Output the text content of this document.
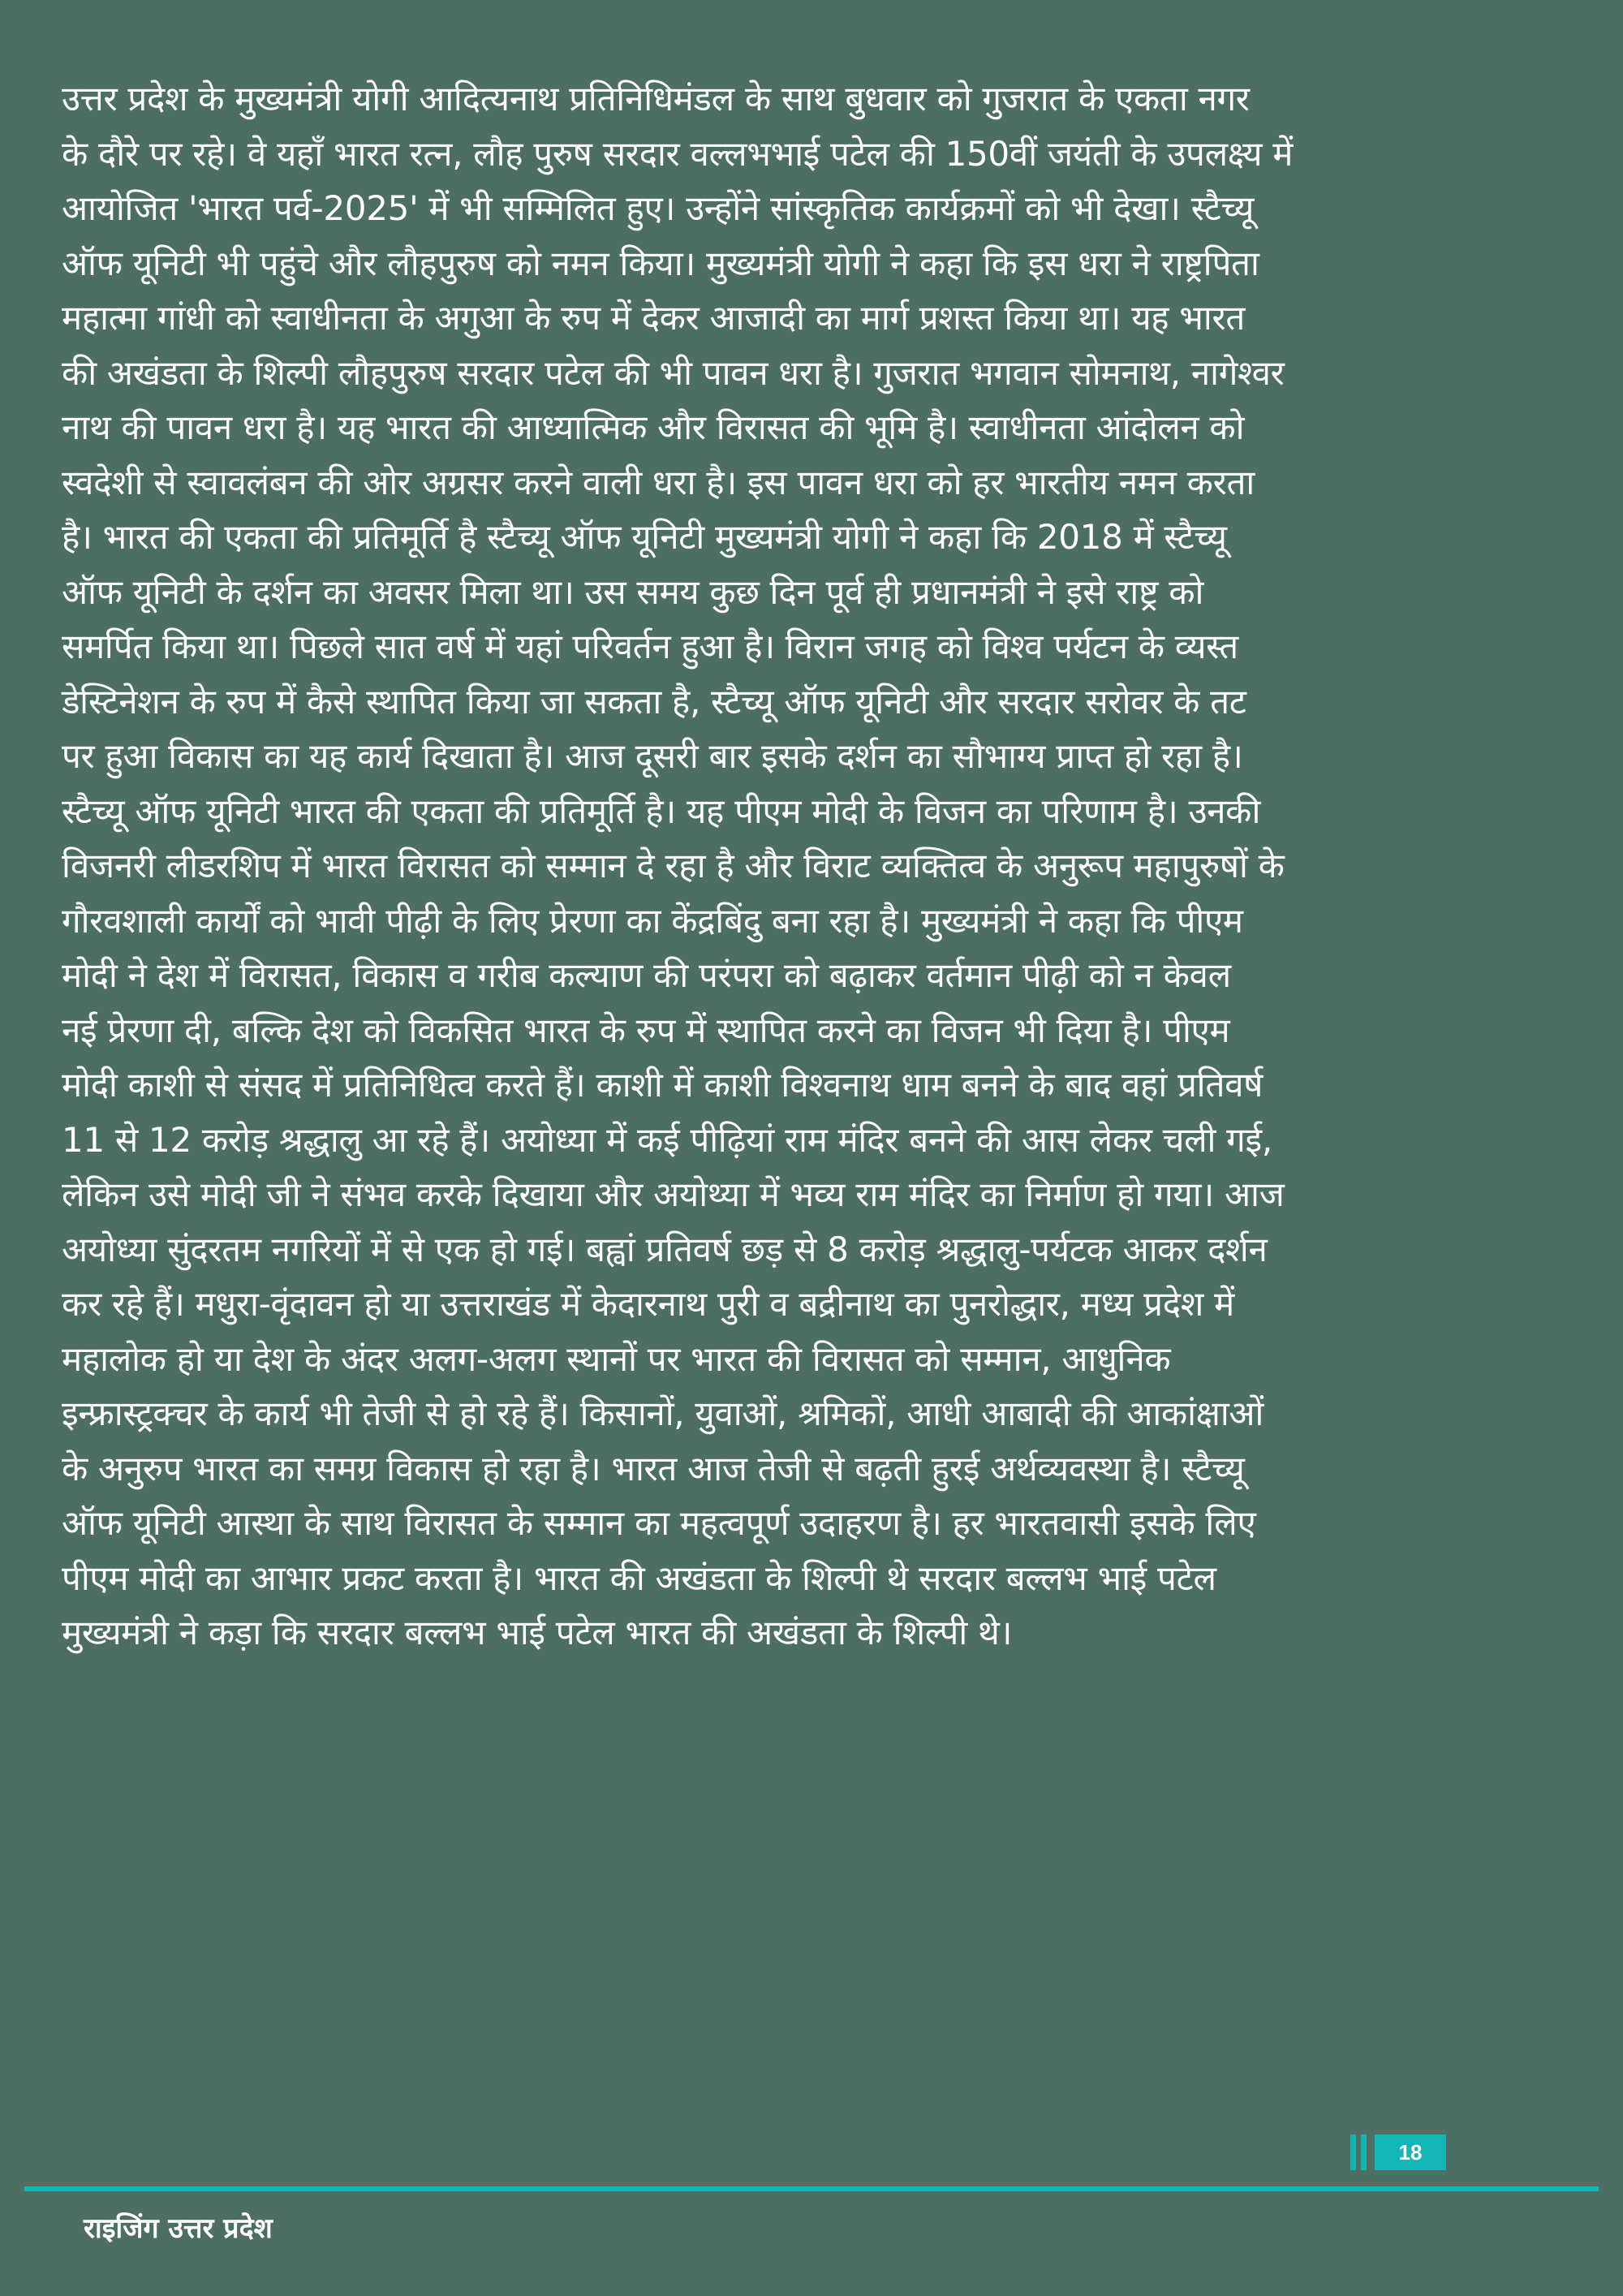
उत्तर प्रदेश के मुख्यमंत्री योगी आदित्यनाथ प्रतिनिधिमंडल के साथ बुधवार को गुजरात के एकता नगर
के दौरे पर रहे। वे यहाँ भारत रत्न, लौह पुरुष सरदार वल्लभभाई पटेल की 150वीं जयंती के उपलक्ष्य में
आयोजित 'भारत पर्व-2025' में भी सम्मिलित हुए। उन्होंने सांस्कृतिक कार्यक्रमों को भी देखा। स्टैच्यू
ऑफ यूनिटी भी पहुंचे और लौहपुरुष को नमन किया। मुख्यमंत्री योगी ने कहा कि इस धरा ने राष्ट्रपिता
महात्मा गांधी को स्वाधीनता के अगुआ के रुप में देकर आजादी का मार्ग प्रशस्त किया था। यह भारत
की अखंडता के शिल्पी लौहपुरुष सरदार पटेल की भी पावन धरा है। गुजरात भगवान सोमनाथ, नागेश्वर
नाथ की पावन धरा है। यह भारत की आध्यात्मिक और विरासत की भूमि है। स्वाधीनता आंदोलन को
स्वदेशी से स्वावलंबन की ओर अग्रसर करने वाली धरा है। इस पावन धरा को हर भारतीय नमन करता
है। भारत की एकता की प्रतिमूर्ति है स्टैच्यू ऑफ यूनिटी मुख्यमंत्री योगी ने कहा कि 2018 में स्टैच्यू
ऑफ यूनिटी के दर्शन का अवसर मिला था। उस समय कुछ दिन पूर्व ही प्रधानमंत्री ने इसे राष्ट्र को
समर्पित किया था। पिछले सात वर्ष में यहां परिवर्तन हुआ है। विरान जगह को विश्व पर्यटन के व्यस्त
डेस्टिनेशन के रुप में कैसे स्थापित किया जा सकता है, स्टैच्यू ऑफ यूनिटी और सरदार सरोवर के तट
पर हुआ विकास का यह कार्य दिखाता है। आज दूसरी बार इसके दर्शन का सौभाग्य प्राप्त हो रहा है।
स्टैच्यू ऑफ यूनिटी भारत की एकता की प्रतिमूर्ति है। यह पीएम मोदी के विजन का परिणाम है। उनकी
विजनरी लीडरशिप में भारत विरासत को सम्मान दे रहा है और विराट व्यक्तित्व के अनुरूप महापुरुषों के
गौरवशाली कार्यों को भावी पीढ़ी के लिए प्रेरणा का केंद्रबिंदु बना रहा है। मुख्यमंत्री ने कहा कि पीएम
मोदी ने देश में विरासत, विकास व गरीब कल्याण की परंपरा को बढ़ाकर वर्तमान पीढ़ी को न केवल
नई प्रेरणा दी, बल्कि देश को विकसित भारत के रुप में स्थापित करने का विजन भी दिया है। पीएम
मोदी काशी से संसद में प्रतिनिधित्व करते हैं। काशी में काशी विश्वनाथ धाम बनने के बाद वहां प्रतिवर्ष
11 से 12 करोड़ श्रद्धालु आ रहे हैं। अयोध्या में कई पीढ़ियां राम मंदिर बनने की आस लेकर चली गई,
लेकिन उसे मोदी जी ने संभव करके दिखाया और अयोथ्या में भव्य राम मंदिर का निर्माण हो गया। आज
अयोध्या सुंदरतम नगरियों में से एक हो गई। बह्वां प्रतिवर्ष छड़ से 8 करोड़ श्रद्धालु-पर्यटक आकर दर्शन
कर रहे हैं। मधुरा-वृंदावन हो या उत्तराखंड में केदारनाथ पुरी व बद्रीनाथ का पुनरोद्धार, मध्य प्रदेश में
महालोक हो या देश के अंदर अलग-अलग स्थानों पर भारत की विरासत को सम्मान, आधुनिक
इन्फ्रास्ट्रक्चर के कार्य भी तेजी से हो रहे हैं। किसानों, युवाओं, श्रमिकों, आधी आबादी की आकांक्षाओं
के अनुरुप भारत का समग्र विकास हो रहा है। भारत आज तेजी से बढ़ती हुरई अर्थव्यवस्था है। स्टैच्यू
ऑफ यूनिटी आस्था के साथ विरासत के सम्मान का महत्वपूर्ण उदाहरण है। हर भारतवासी इसके लिए
पीएम मोदी का आभार प्रकट करता है। भारत की अखंडता के शिल्पी थे सरदार बल्लभ भाई पटेल
मुख्यमंत्री ने कड़ा कि सरदार बल्लभ भाई पटेल भारत की अखंडता के शिल्पी थे।
18
राइजिंग उत्तर प्रदेश
